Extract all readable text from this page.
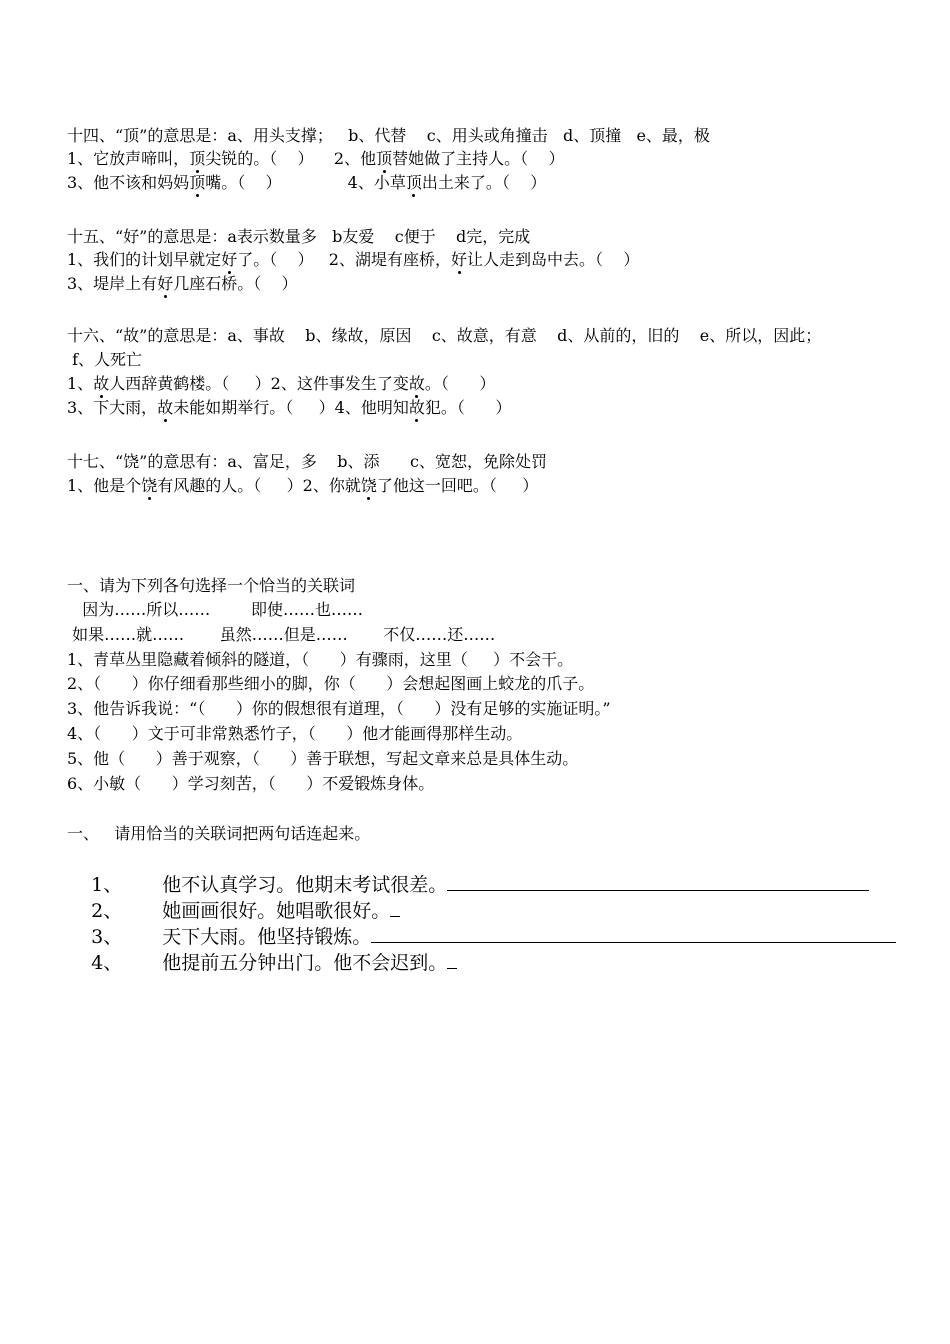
十四、“顶”的意思是：a、用头支撑；   b、代替    c、用头或角撞击   d、顶撞   e、最，极
1、它放声啼叫，顶尖锐的。（    ）    2、他顶替她做了主持人。（    ）
3、他不该和妈妈顶嘴。（    ）             4、小草顶出土来了。（    ）
十五、“好”的意思是：a表示数量多   b友爱    c便于    d完，完成
1、我们的计划早就定好了。（    ）   2、湖堤有座桥，好让人走到岛中去。（    ）
3、堤岸上有好几座石桥。（    ）
十六、“故”的意思是：a、事故    b、缘故，原因    c、故意，有意    d、从前的，旧的    e、所以，因此；
f、人死亡
1、故人西辞黄鹤楼。（     ）2、这件事发生了变故。（      ）
3、下大雨，故未能如期举行。（     ）4、他明知故犯。（      ）
十七、“饶”的意思有：a、富足，多    b、添      c、宽恕，免除处罚
1、他是个饶有风趣的人。（     ）2、你就饶了他这一回吧。（     ）
一、请为下列各句选择一个恰当的关联词
因为……所以……        即使……也……
如果……就……       虽然……但是……       不仅……还……
1、青草丛里隐藏着倾斜的隧道，（      ）有骤雨，这里（     ）不会干。
2、（      ）你仔细看那些细小的脚，你（      ）会想起图画上蛟龙的爪子。
3、他告诉我说：“（      ）你的假想很有道理，（      ）没有足够的实施证明。”
4、（      ）文于可非常熟悉竹子，（      ）他才能画得那样生动。
5、他（      ）善于观察，（      ）善于联想，写起文章来总是具体生动。
6、小敏（      ）学习刻苦，（      ）不爱锻炼身体。
一、   请用恰当的关联词把两句话连起来。

1、 他不认真学习。他期末考试很差。

2、 她画画很好。她唱歌很好。

3、 天下大雨。他坚持锻炼。

4、 他提前五分钟出门。他不会迟到。
